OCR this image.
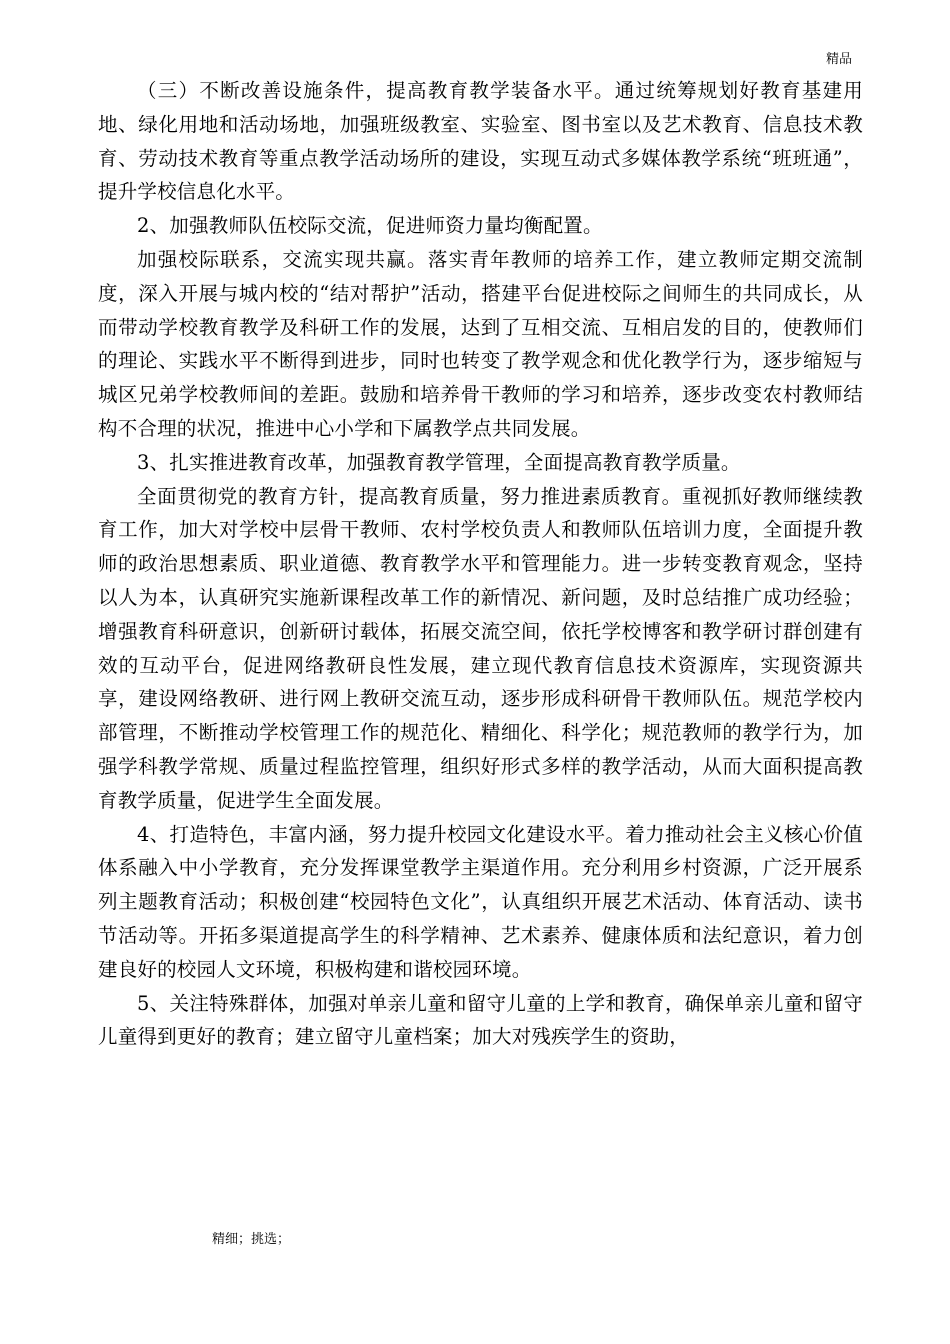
精品

（三）不断改善设施条件，提高教育教学装备水平。通过统筹规划好教育基建用地、绿化用地和活动场地，加强班级教室、实验室、图书室以及艺术教育、信息技术教育、劳动技术教育等重点教学活动场所的建设，实现互动式多媒体教学系统“班班通”，提升学校信息化水平。

2、加强教师队伍校际交流，促进师资力量均衡配置。

加强校际联系，交流实现共赢。落实青年教师的培养工作，建立教师定期交流制度，深入开展与城内校的“结对帮护”活动，搭建平台促进校际之间师生的共同成长，从而带动学校教育教学及科研工作的发展，达到了互相交流、互相启发的目的，使教师们的理论、实践水平不断得到进步，同时也转变了教学观念和优化教学行为，逐步缩短与城区兄弟学校教师间的差距。鼓励和培养骨干教师的学习和培养，逐步改变农村教师结构不合理的状况，推进中心小学和下属教学点共同发展。

3、扎实推进教育改革，加强教育教学管理，全面提高教育教学质量。

全面贯彻党的教育方针，提高教育质量，努力推进素质教育。重视抓好教师继续教育工作，加大对学校中层骨干教师、农村学校负责人和教师队伍培训力度，全面提升教师的政治思想素质、职业道德、教育教学水平和管理能力。进一步转变教育观念，坚持以人为本，认真研究实施新课程改革工作的新情况、新问题，及时总结推广成功经验；增强教育科研意识，创新研讨载体，拓展交流空间，依托学校博客和教学研讨群创建有效的互动平台，促进网络教研良性发展，建立现代教育信息技术资源库，实现资源共享，建设网络教研、进行网上教研交流互动，逐步形成科研骨干教师队伍。规范学校内部管理，不断推动学校管理工作的规范化、精细化、科学化；规范教师的教学行为，加强学科教学常规、质量过程监控管理，组织好形式多样的教学活动，从而大面积提高教育教学质量，促进学生全面发展。

4、打造特色，丰富内涵，努力提升校园文化建设水平。着力推动社会主义核心价值体系融入中小学教育，充分发挥课堂教学主渠道作用。充分利用乡村资源，广泛开展系列主题教育活动；积极创建“校园特色文化”，认真组织开展艺术活动、体育活动、读书节活动等。开拓多渠道提高学生的科学精神、艺术素养、健康体质和法纪意识，着力创建良好的校园人文环境，积极构建和谐校园环境。

5、关注特殊群体，加强对单亲儿童和留守儿童的上学和教育，确保单亲儿童和留守儿童得到更好的教育；建立留守儿童档案；加大对残疾学生的资助，

精细；挑选；
